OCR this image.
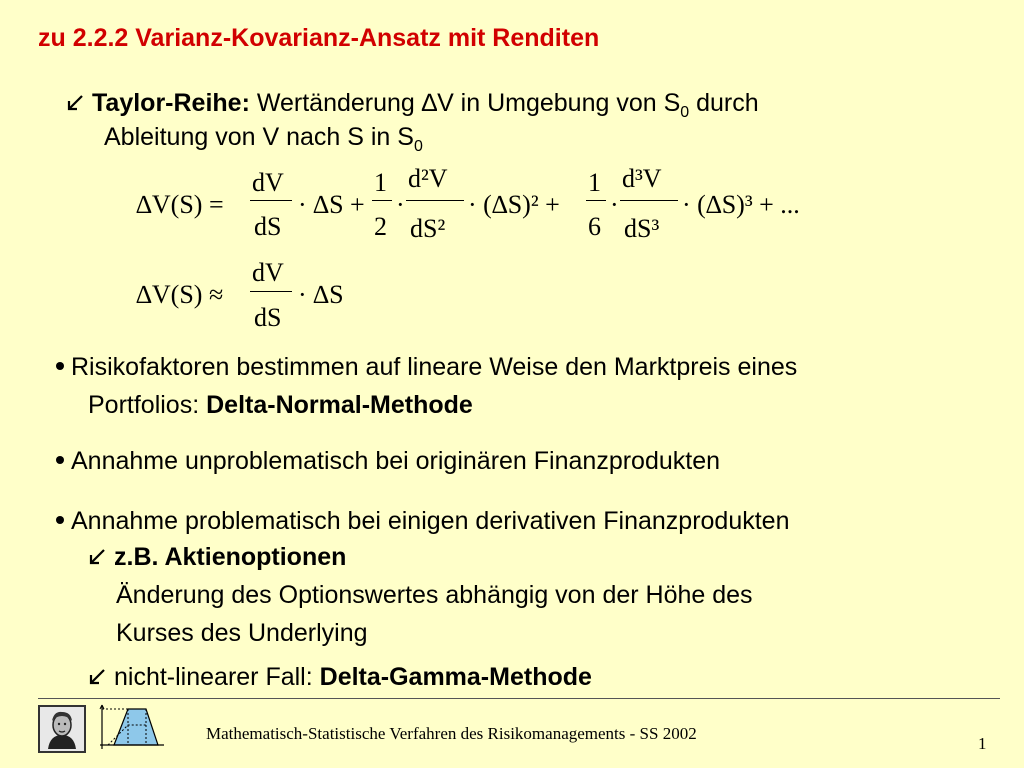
zu 2.2.2 Varianz-Kovarianz-Ansatz mit Renditen
Taylor-Reihe: Wertänderung ∆V in Umgebung von $S_0$ durch
Ableitung von V nach S in $S_0$
∆V(S) =
dV
dS
· ∆S +
1
2
·
d²V
dS²
· (∆S)² +
1
6
·
d³V
dS³
· (∆S)³ + ...
∆V(S) ≈
dV
dS
· ∆S
Risikofaktoren bestimmen auf lineare Weise den Marktpreis eines
Portfolios: Delta-Normal-Methode
Annahme unproblematisch bei originären Finanzprodukten
Annahme problematisch bei einigen derivativen Finanzprodukten
z.B. Aktienoptionen
Änderung des Optionswertes abhängig von der Höhe des
Kurses des Underlying
nicht-linearer Fall: Delta-Gamma-Methode
Mathematisch-Statistische Verfahren des Risikomanagements - SS 2002
1
